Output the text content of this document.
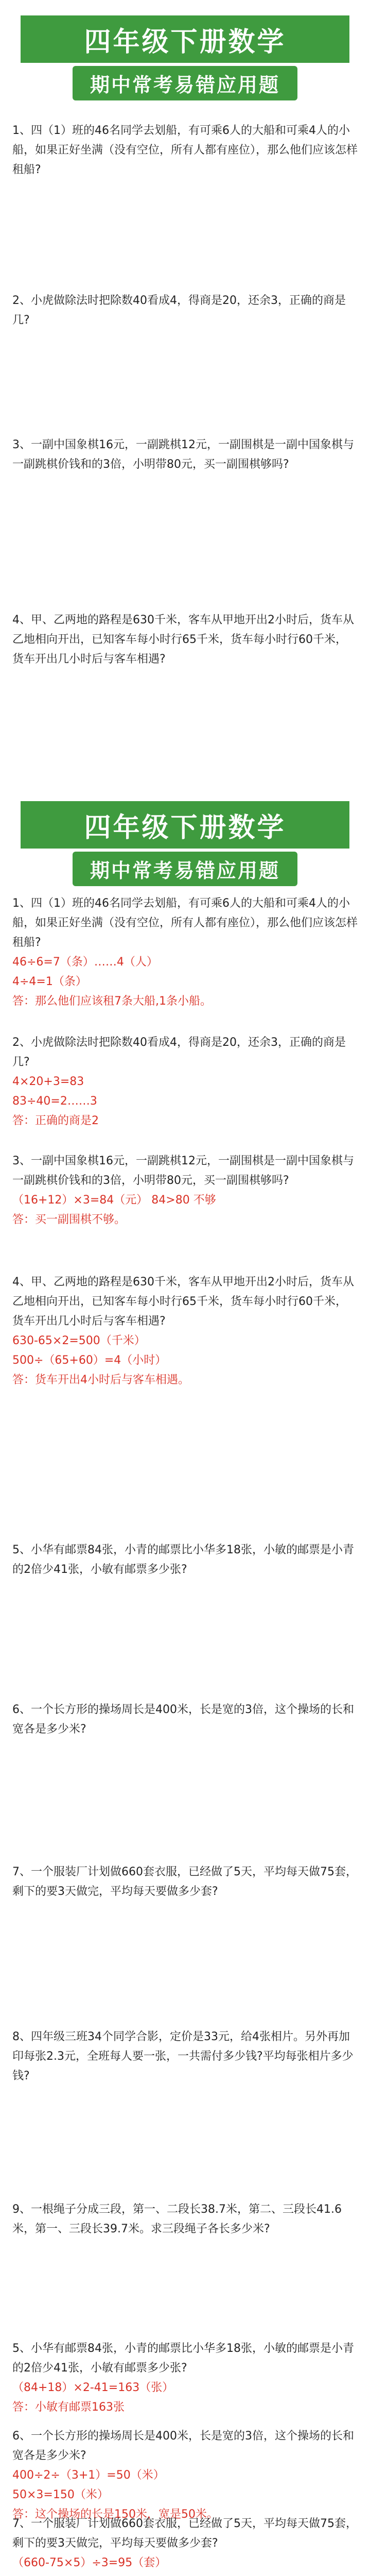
四年级下册数学
期中常考易错应用题

1、四（1）班的46名同学去划船，有可乘6人的大船和可乘4人的小船，如果正好坐满（没有空位，所有人都有座位），那么他们应该怎样租船?

2、小虎做除法时把除数40看成4，得商是20，还余3，正确的商是几?

3、一副中国象棋16元，一副跳棋12元，一副围棋是一副中国象棋与一副跳棋价钱和的3倍，小明带80元，买一副围棋够吗?

4、甲、乙两地的路程是630千米，客车从甲地开出2小时后，货车从乙地相向开出，已知客车每小时行65千米，货车每小时行60千米，货车开出几小时后与客车相遇?

四年级下册数学
期中常考易错应用题

1、四（1）班的46名同学去划船，有可乘6人的大船和可乘4人的小船，如果正好坐满（没有空位，所有人都有座位），那么他们应该怎样租船?

46÷6=7（条）……4（人）

4÷4=1（条）

答：那么他们应该租7条大船,1条小船。

2、小虎做除法时把除数40看成4，得商是20，还余3，正确的商是几?

4×20+3=83

83÷40=2……3

答：正确的商是2

3、一副中国象棋16元，一副跳棋12元，一副围棋是一副中国象棋与一副跳棋价钱和的3倍，小明带80元，买一副围棋够吗?

（16+12）×3=84（元） 84>80 不够

答：买一副围棋不够。

4、甲、乙两地的路程是630千米，客车从甲地开出2小时后，货车从乙地相向开出，已知客车每小时行65千米，货车每小时行60千米，货车开出几小时后与客车相遇?

630-65×2=500（千米）

500÷（65+60）=4（小时）

答：货车开出4小时后与客车相遇。

5、小华有邮票84张，小青的邮票比小华多18张，小敏的邮票是小青的2倍少41张，小敏有邮票多少张?

6、一个长方形的操场周长是400米，长是宽的3倍，这个操场的长和宽各是多少米?

7、一个服装厂计划做660套衣服，已经做了5天，平均每天做75套，剩下的要3天做完，平均每天要做多少套?

8、四年级三班34个同学合影，定价是33元，给4张相片。另外再加印每张2.3元，全班每人要一张，一共需付多少钱?平均每张相片多少钱?

9、一根绳子分成三段，第一、二段长38.7米，第二、三段长41.6米，第一、三段长39.7米。求三段绳子各长多少米?

5、小华有邮票84张，小青的邮票比小华多18张，小敏的邮票是小青的2倍少41张，小敏有邮票多少张?

（84+18）×2-41=163（张）

答：小敏有邮票163张

6、一个长方形的操场周长是400米，长是宽的3倍，这个操场的长和宽各是多少米?

400÷2÷（3+1）=50（米）

50×3=150（米）

答：这个操场的长是150米，宽是50米。

7、一个服装厂计划做660套衣服，已经做了5天，平均每天做75套，剩下的要3天做完，平均每天要做多少套?

（660-75×5）÷3=95（套）
